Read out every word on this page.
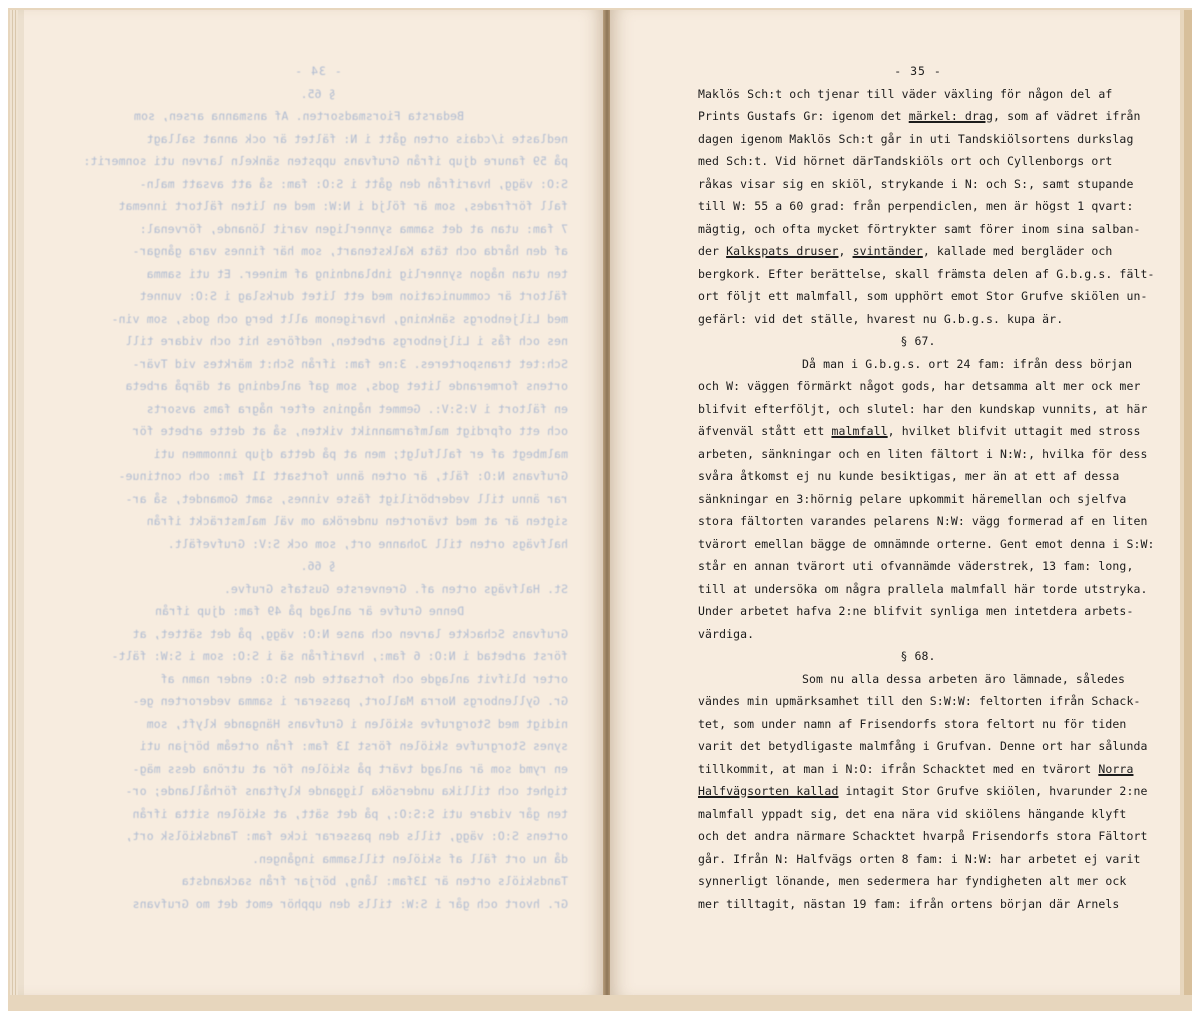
- 34 -
§ 65.
Bedarsta Fiorsmadsorten. Af ansmanna arsen, som
nedlaste i/cdais orten gått i N: fältet är ock annat sallagt
på 59 fanure djup ifrån Grufvans uppsten sänkeln larven uti sonmerit:
S:O: vägg, hvarifrån den gått i S:O: fam: så att avsatt maln-
fall förfrades, som är följd i N:W: med en liten fältort innemat
7 fam: utan at det samma synnerligen varit lönande, förvenal:
af den hårda och täta Kalkstenart, som här finnes vara gångar-
ten utan någon synnerlig inblandning af mineer. Et uti samma
fältort är communication med ett litet durkslag i S:O: vunnet
med Liljenborgs sänkning, hvarigenom allt berg och gods, som vin-
nes och fås i Liljenborgs arbeten, nedföres hit och vidare till
Sch:tet transporteres. 3:ne fam: ifrån Sch:t märktes vid Tvär-
ortens formerande litet gods, som gaf anledning at därpå arbeta
en fältort i V:S:V:. Gemmet någnins efter några fams avsorts
och ett ofprdigt malmfarmannikt vikten, så at dette arbete för
malmbegt af er fallfulgt; men at på detta djup innommen uti
Grufvans N:O: fält, är orten ännu fortsatt 11 fam: och continue-
rar ännu till vederböriligt fäste vinnes, samt Gomandet, så ar-
sigten är at med tvärorten underöka om väl malmsträckt ifrån
halfvägs orten till Johanne ort, som ock S:V: Grufvefält.
§ 66.
St. Halfvägs orten af. Grenverste Gustafs Grufve.
Denne Grufve är anlagd på 49 fam: djup ifrån
Grufvans Schackte larven och anse N:O: vägg, på det sättet, at
först arbetad i N:O: 6 fam:, hvarifrån sä i S:O: som i S:W: fält-
orter blifvit anlagde och fortsatte den S:O: ender namn af
Gr. Gyllenborgs Norra Mallort, passerar i samma vederorten ge-
nidigt med Storgrufve skiölen i Grufvans Hängande klyft, som
synes Storgrufve skiölen först 13 fam: från orteåm början uti
en rymd som är anlagd tvärt på skiölen för at utröna dess mäg-
tighet och tillika undersöka liggande klyftans förhållande; or-
ten går vidare uti S:S:O:, på det sätt, at skiölen sitta ifrån
ortens S:O: vägg, tills den passerar icke fam: Tandskiölsk ort,
då nu ort fäll af skiölen tillsamma ingången.
Tandskiöls orten är 13fam: lång, börjar från sackandsta
Gr. hvort och går i S:W: tills den upphör emot det mo Grufvans
- 35 -
Maklös Sch:t och tjenar till väder växling för någon del af
Prints Gustafs Gr: igenom det märkel: drag, som af vädret ifrån
dagen igenom Maklös Sch:t går in uti Tandskiölsortens durkslag
med Sch:t. Vid hörnet därTandskiöls ort och Cyllenborgs ort
råkas visar sig en skiöl, strykande i N: och S:, samt stupande
till W: 55 a 60 grad: från perpendiclen, men är högst 1 qvart:
mägtig, och ofta mycket förtrykter samt förer inom sina salban-
der Kalkspats druser, svintänder, kallade med bergläder och
bergkork. Efter berättelse, skall främsta delen af G.b.g.s. fält-
ort följt ett malmfall, som upphört emot Stor Grufve skiölen un-
gefärl: vid det ställe, hvarest nu G.b.g.s. kupa är.
§ 67.
Då man i G.b.g.s. ort 24 fam: ifrån dess början
och W: väggen förmärkt något gods, har detsamma alt mer ock mer
blifvit efterföljt, och slutel: har den kundskap vunnits, at här
äfvenväl stått ett malmfall, hvilket blifvit uttagit med stross
arbeten, sänkningar och en liten fältort i N:W:, hvilka för dess
svåra åtkomst ej nu kunde besiktigas, mer än at ett af dessa
sänkningar en 3:hörnig pelare upkommit häremellan och sjelfva
stora fältorten varandes pelarens N:W: vägg formerad af en liten
tvärort emellan bägge de omnämnde orterne. Gent emot denna i S:W:
står en annan tvärort uti ofvannämde väderstrek, 13 fam: long,
till at undersöka om några prallela malmfall här torde utstryka.
Under arbetet hafva 2:ne blifvit synliga men intetdera arbets-
värdiga.
§ 68.
Som nu alla dessa arbeten äro lämnade, således
vändes min upmärksamhet till den S:W:W: feltorten ifrån Schack-
tet, som under namn af Frisendorfs stora feltort nu för tiden
varit det betydligaste malmfång i Grufvan. Denne ort har sålunda
tillkommit, at man i N:O: ifrån Schacktet med en tvärort Norra
Halfvägsorten kallad intagit Stor Grufve skiölen, hvarunder 2:ne
malmfall yppadt sig, det ena nära vid skiölens hängande klyft
och det andra närmare Schacktet hvarpå Frisendorfs stora Fältort
går. Ifrån N: Halfvägs orten 8 fam: i N:W: har arbetet ej varit
synnerligt lönande, men sedermera har fyndigheten alt mer ock
mer tilltagit, nästan 19 fam: ifrån ortens början där Arnels
